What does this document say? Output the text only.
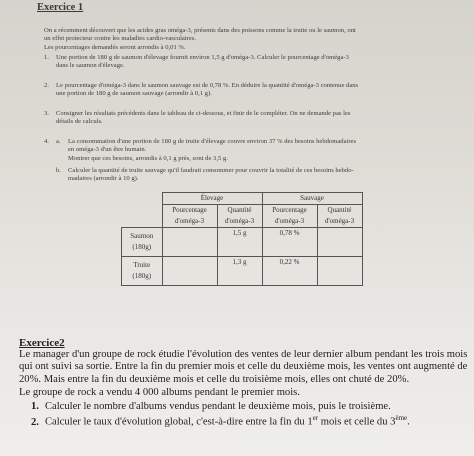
Exercice 1
On a récemment découvert que les acides gras oméga-3, présents dans des poissons comme la truite ou le saumon, ont
un effet protecteur contre les maladies cardio-vasculaires.
Les pourcentages demandés seront arrondis à 0,01 %.
1. Une portion de 180 g de saumon d'élevage fournit environ 1,5 g d'oméga-3. Calculer le pourcentage d'oméga-3
dans le saumon d'élevage.
2. Le pourcentage d'oméga-3 dans le saumon sauvage est de 0,78 %. En déduire la quantité d'oméga-3 contenue dans
une portion de 180 g de saumon sauvage (arrondir à 0,1 g).
3. Consigner les résultats précédents dans le tableau de ci-dessous, et finir de le compléter. On ne demande pas les
détails de calculs.
4. a. La consommation d'une portion de 180 g de truite d'élevage couvre environ 37 % des besoins hebdomadaires
en oméga-3 d'un être humain.
Montrer que ces besoins, arrondis à 0,1 g près, sont de 3,5 g.
b. Calculer la quantité de truite sauvage qu'il faudrait consommer pour couvrir la totalité de ces besoins hebdo-
madaires (arrondir à 10 g).
	Élevage		Sauvage	
	Pourcentage
d'oméga-3	Quantité
d'oméga-3	Pourcentage
d'oméga-3	Quantité
d'oméga-3
Saumon
(180g)		1,5 g	0,78 %	
Truite
(180g)		1,3 g	0,22 %	
Exercice2
Le manager d'un groupe de rock étudie l'évolution des ventes de leur dernier album pendant les trois mois
qui ont suivi sa sortie. Entre la fin du premier mois et celle du deuxième mois, les ventes ont augmenté de
20%. Mais entre la fin du deuxième mois et celle du troisième mois, elles ont chuté de 20%.
Le groupe de rock a vendu 4 000 albums pendant le premier mois.
1. Calculer le nombre d'albums vendus pendant le deuxième mois, puis le troisième.
2. Calculer le taux d'évolution global, c'est-à-dire entre la fin du 1er mois et celle du 3ème.
